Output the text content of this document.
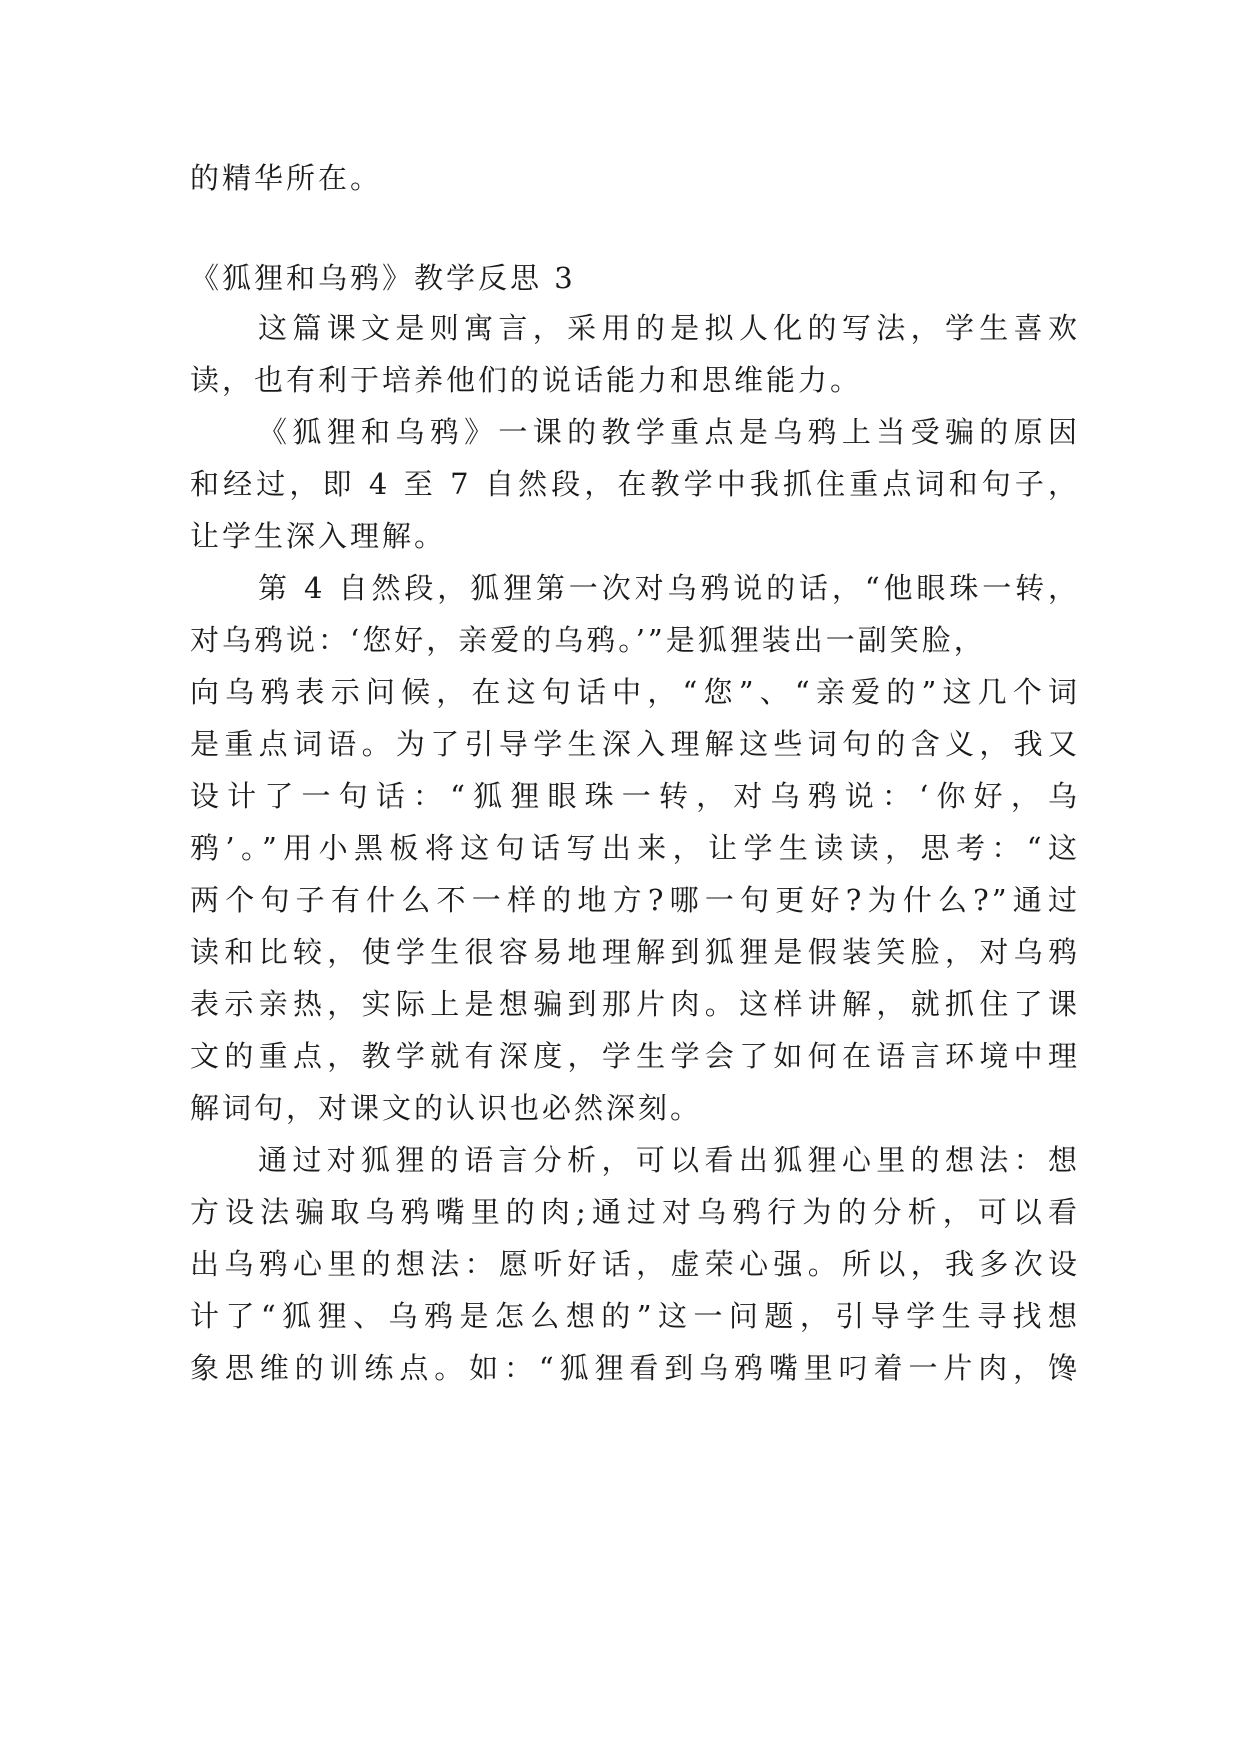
的精华所在。
《狐狸和乌鸦》教学反思 3
这篇课文是则寓言，采用的是拟人化的写法，学生喜欢
读，也有利于培养他们的说话能力和思维能力。
《狐狸和乌鸦》一课的教学重点是乌鸦上当受骗的原因
和经过，即 4 至 7 自然段，在教学中我抓住重点词和句子，
让学生深入理解。
第 4 自然段，狐狸第一次对乌鸦说的话，“他眼珠一转，
对乌鸦说：‘您好，亲爱的乌鸦。’”是狐狸装出一副笑脸，
向乌鸦表示问候，在这句话中，“您”、“亲爱的”这几个词
是重点词语。为了引导学生深入理解这些词句的含义，我又
设计了一句话：“狐狸眼珠一转，对乌鸦说：‘你好，乌
鸦’。”用小黑板将这句话写出来，让学生读读，思考：“这
两个句子有什么不一样的地方?哪一句更好?为什么?”通过
读和比较，使学生很容易地理解到狐狸是假装笑脸，对乌鸦
表示亲热，实际上是想骗到那片肉。这样讲解，就抓住了课
文的重点，教学就有深度，学生学会了如何在语言环境中理
解词句，对课文的认识也必然深刻。
通过对狐狸的语言分析，可以看出狐狸心里的想法：想
方设法骗取乌鸦嘴里的肉;通过对乌鸦行为的分析，可以看
出乌鸦心里的想法：愿听好话，虚荣心强。所以，我多次设
计了“狐狸、乌鸦是怎么想的”这一问题，引导学生寻找想
象思维的训练点。如：“狐狸看到乌鸦嘴里叼着一片肉，馋
